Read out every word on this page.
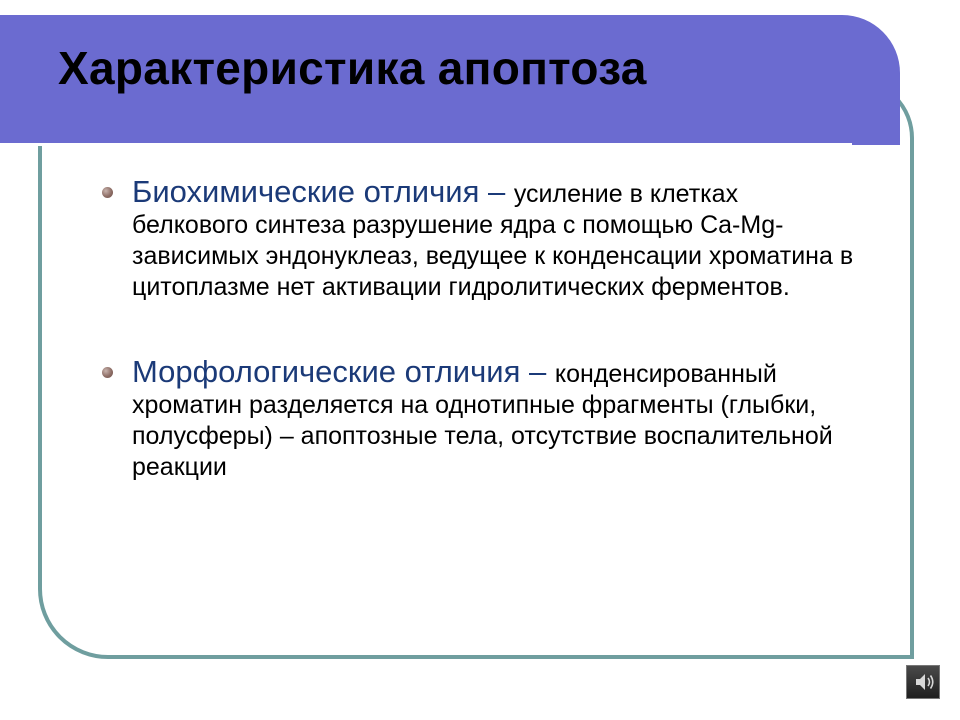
Характеристика апоптоза
Биохимические отличия – усиление в клетках белкового синтеза разрушение ядра с помощью Ca-Mg-зависимых эндонуклеаз, ведущее к конденсации хроматина в цитоплазме нет активации гидролитических ферментов.
Морфологические отличия – конденсированный хроматин разделяется на однотипные фрагменты (глыбки, полусферы) – апоптозные тела, отсутствие воспалительной реакции
